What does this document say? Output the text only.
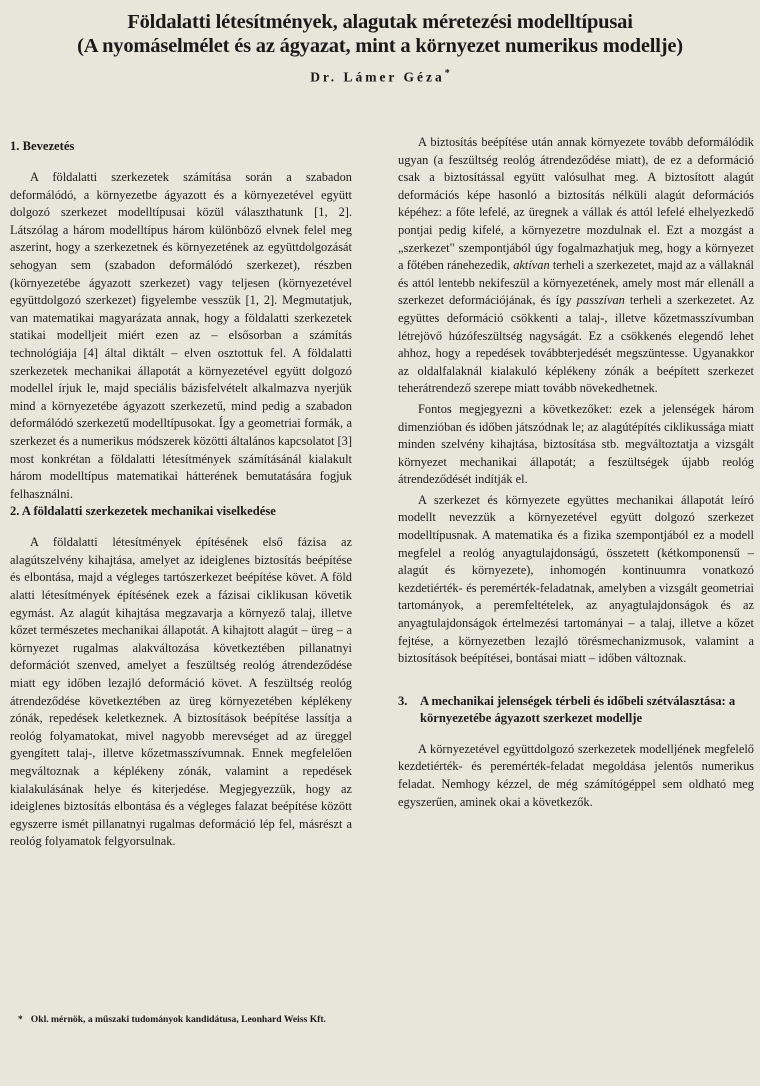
Földalatti létesítmények, alagutak méretezési modelltípusai
(A nyomáselmélet és az ágyazat, mint a környezet numerikus modellje)
Dr. Lámer Géza*
1. Bevezetés

A földalatti szerkezetek számítása során a szabadon deformálódó, a környezetbe ágyazott és a környezetével együtt dolgozó szerkezet modelltípusai közül választhatunk [1, 2]. Látszólag a három modelltípus három különböző elvnek felel meg aszerint, hogy a szerkezetnek és környezetének az együttdolgozását sehogyan sem (szabadon deformálódó szerkezet), részben (környezetébe ágyazott szerkezet) vagy teljesen (környezetével együttdolgozó szerkezet) figyelembe vesszük [1, 2]. Megmutatjuk, van matematikai magyarázata annak, hogy a földalatti szerkezetek statikai modelljeit miért ezen az – elsősorban a számítás technológiája [4] által diktált – elven osztottuk fel. A földalatti szerkezetek mechanikai állapotát a környezetével együtt dolgozó modellel írjuk le, majd speciális bázisfelvételt alkalmazva nyerjük mind a környezetébe ágyazott szerkezetű, mind pedig a szabadon deformálódó szerkezetű modelltípusokat. Így a geometriai formák, a szerkezet és a numerikus módszerek közötti általános kapcsolatot [3] most konkrétan a földalatti létesítmények számításánál kialakult három modelltípus matematikai hátterének bemutatására fogjuk felhasználni.

2. A földalatti szerkezetek mechanikai viselkedése

A földalatti létesítmények építésének első fázisa az alagútszelvény kihajtása, amelyet az ideiglenes biztosítás beépítése és elbontása, majd a végleges tartószerkezet beépítése követ. A föld alatti létesítmények építésének ezek a fázisai ciklikusan követik egymást. Az alagút kihajtása megzavarja a környező talaj, illetve kőzet természetes mechanikai állapotát. A kihajtott alagút – üreg – a környezet rugalmas alakváltozása következtében pillanatnyi deformációt szenved, amelyet a feszültség reológ átrendeződése miatt egy időben lezajló deformáció követ. A feszültség reológ átrendeződése következtében az üreg környezetében képlékeny zónák, repedések keletkeznek. A biztosítások beépítése lassítja a reológ folyamatokat, mivel nagyobb merevséget ad az üreggel gyengített talaj-, illetve kőzetmasszívumnak. Ennek megfelelően megváltoznak a képlékeny zónák, valamint a repedések kialakulásának helye és kiterjedése. Megjegyezzük, hogy az ideiglenes biztosítás elbontása és a végleges falazat beépítése között egyszerre ismét pillanatnyi rugalmas deformáció lép fel, másrészt a reológ folyamatok felgyorsulnak.

A biztosítás beépítése után annak környezete tovább deformálódik ugyan (a feszültség reológ átrendeződése miatt), de ez a deformáció csak a biztosítással együtt valósulhat meg. A biztosított alagút deformációs képe hasonló a biztosítás nélküli alagút deformációs képéhez: a főte lefelé, az üregnek a vállak és attól lefelé elhelyezkedő pontjai pedig kifelé, a környezetre mozdulnak el. Ezt a mozgást a „szerkezet" szempontjából úgy fogalmazhatjuk meg, hogy a környezet a főtében ránehezedik, aktívan terheli a szerkezetet, majd az a vállaknál és attól lentebb nekifeszül a környezetének, amely most már ellenáll a szerkezet deformációjának, és így passzívan terheli a szerkezetet. Az együttes deformáció csökkenti a talaj-, illetve kőzetmasszívumban létrejövő húzófeszültség nagyságát. Ez a csökkenés elegendő lehet ahhoz, hogy a repedések továbbterjedését megszüntesse. Ugyanakkor az oldalfalaknál kialakuló képlékeny zónák a beépített szerkezet teherátrendező szerepe miatt tovább növekedhetnek.

Fontos megjegyezni a következőket: ezek a jelenségek három dimenzióban és időben játszódnak le; az alagútépítés ciklikussága miatt minden szelvény kihajtása, biztosítása stb. megváltoztatja a vizsgált környezet mechanikai állapotát; a feszültségek újabb reológ átrendeződését indítják el.

A szerkezet és környezete együttes mechanikai állapotát leíró modellt nevezzük a környezetével együtt dolgozó szerkezet modelltípusnak. A matematika és a fizika szempontjából ez a modell megfelel a reológ anyagtulajdonságú, összetett (kétkomponensű – alagút és környezete), inhomogén kontinuumra vonatkozó kezdetiérték- és peremérték-feladatnak, amelyben a vizsgált geometriai tartományok, a peremfeltételek, az anyagtulajdonságok és az anyagtulajdonságok értelmezési tartományai – a talaj, illetve a kőzet fejtése, a környezetben lezajló törésmechanizmusok, valamint a biztosítások beépítései, bontásai miatt – időben változnak.

3. A mechanikai jelenségek térbeli és időbeli szétválasztása: a környezetébe ágyazott szerkezet modellje

A környezetével együttdolgozó szerkezetek modelljének megfelelő kezdetiérték- és peremérték-feladat megoldása jelentős numerikus feladat. Nemhogy kézzel, de még számítógéppel sem oldható meg egyszerűen, aminek okai a következők.

* Okl. mérnök, a műszaki tudományok kandidátusa, Leonhard Weiss Kft.
